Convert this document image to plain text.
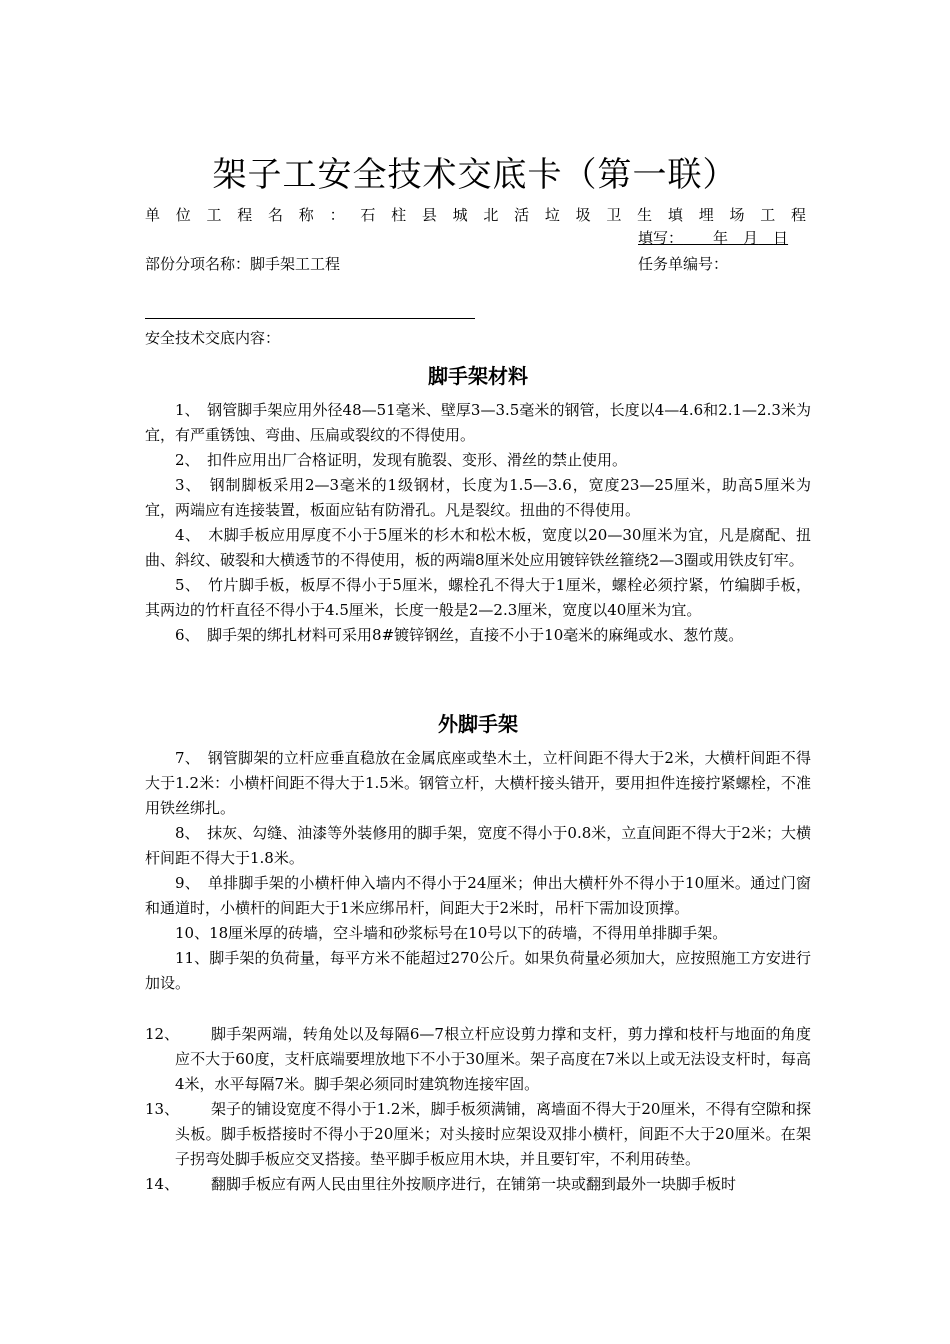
架子工安全技术交底卡（第一联）
单位工程名称：石柱县城北活垃圾卫生填埋场工程
填写：   年  月  日
部份分项名称：脚手架工工程	任务单编号：
安全技术交底内容：
脚手架材料

1、　钢管脚手架应用外径48—51毫米、壁厚3—3.5毫米的钢管，长度以4—4.6和2.1—2.3米为宜，有严重锈蚀、弯曲、压扁或裂纹的不得使用。

2、　扣件应用出厂合格证明，发现有脆裂、变形、滑丝的禁止使用。

3、　钢制脚板采用2—3毫米的1级钢材，长度为1.5—3.6，宽度23—25厘米，助高5厘米为宜，两端应有连接装置，板面应钻有防滑孔。凡是裂纹。扭曲的不得使用。

4、　木脚手板应用厚度不小于5厘米的杉木和松木板，宽度以20—30厘米为宜，凡是腐配、扭曲、斜纹、破裂和大横透节的不得使用，板的两端8厘米处应用镀锌铁丝箍绕2—3圈或用铁皮钉牢。

5、　竹片脚手板，板厚不得小于5厘米，螺栓孔不得大于1厘米，螺栓必须拧紧，竹编脚手板，其两边的竹杆直径不得小于4.5厘米，长度一般是2—2.3厘米，宽度以40厘米为宜。

6、　脚手架的绑扎材料可采用8#镀锌钢丝，直接不小于10毫米的麻绳或水、葱竹蔑。

外脚手架

7、　钢管脚架的立杆应垂直稳放在金属底座或垫木土，立杆间距不得大于2米，大横杆间距不得大于1.2米：小横杆间距不得大于1.5米。钢管立杆，大横杆接头错开，要用担件连接拧紧螺栓，不准用铁丝绑扎。

8、　抹灰、勾缝、油漆等外装修用的脚手架，宽度不得小于0.8米，立直间距不得大于2米；大横杆间距不得大于1.8米。

9、　单排脚手架的小横杆伸入墙内不得小于24厘米；伸出大横杆外不得小于10厘米。通过门窗和通道时，小横杆的间距大于1米应绑吊杆，间距大于2米时，吊杆下需加设顶撑。

10、18厘米厚的砖墙，空斗墙和砂浆标号在10号以下的砖墙，不得用单排脚手架。

11、脚手架的负荷量，每平方米不能超过270公斤。如果负荷量必须加大，应按照施工方安进行加设。

12、	脚手架两端，转角处以及每隔6—7根立杆应设剪力撑和支杆，剪力撑和枝杆与地面的角度应不大于60度，支杆底端要埋放地下不小于30厘米。架子高度在7米以上或无法设支杆时，每高4米，水平每隔7米。脚手架必须同时建筑物连接牢固。
13、	架子的铺设宽度不得小于1.2米，脚手板须满铺，离墙面不得大于20厘米，不得有空隙和探头板。脚手板搭接时不得小于20厘米；对头接时应架设双排小横杆，间距不大于20厘米。在架子拐弯处脚手板应交叉搭接。垫平脚手板应用木块，并且要钉牢，不利用砖垫。
14、	翻脚手板应有两人民由里往外按顺序进行，在铺第一块或翻到最外一块脚手板时
